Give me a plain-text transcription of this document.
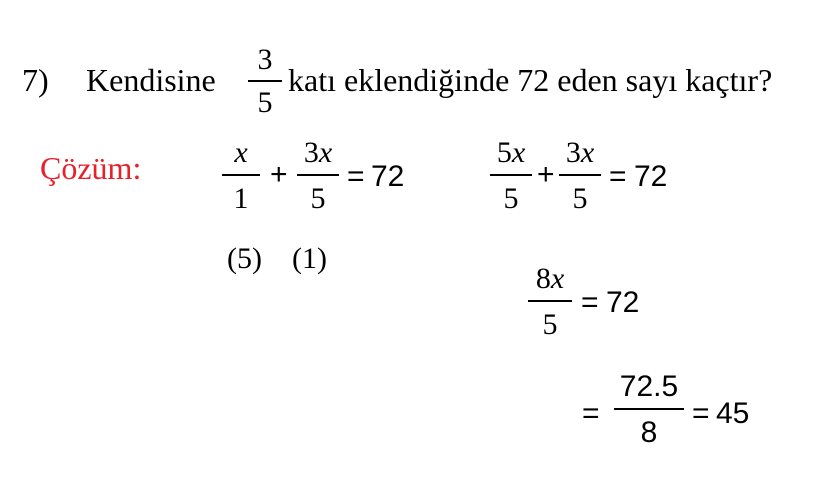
7) Kendisine
3
5
katı eklendiğinde 72 eden sayı kaçtır?
Çözüm:	x
1
+
3x
5
= 72
(5) (1)
5x
5
+
3x
5
= 72
8x
5
= 72
=
72.5
8
= 45
